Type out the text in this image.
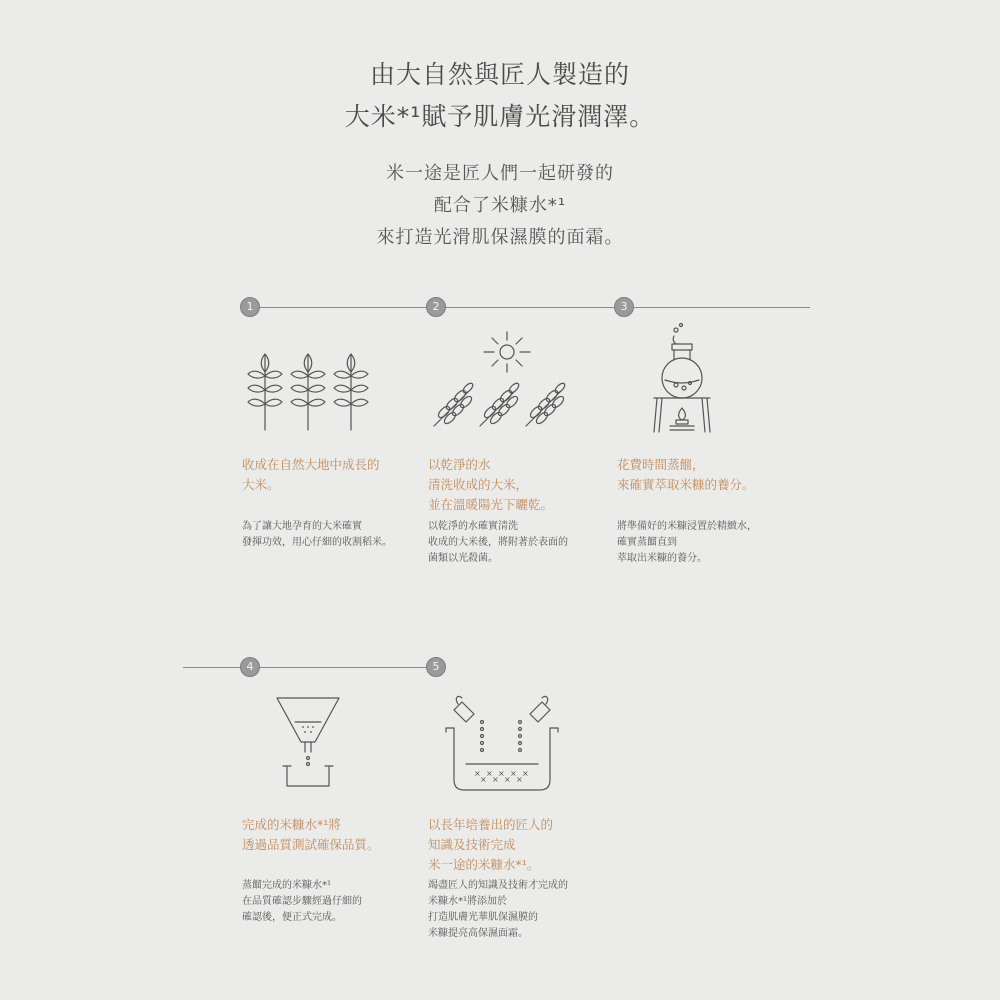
由大自然與匠人製造的
大米*¹賦予肌膚光滑潤澤。
米一途是匠人們一起研發的
配合了米糠水*¹
來打造光滑肌保濕膜的面霜。
1	2	3
4	5
× × × × ×
× × × ×
收成在自然大地中成長的
大米。
以乾淨的水
清洗收成的大米，
並在溫暖陽光下曬乾。
花費時間蒸餾，
來確實萃取米糠的養分。
完成的米糠水*¹將
透過品質測試確保品質。
以長年培養出的匠人的
知識及技術完成
米一途的米糠水*¹。
為了讓大地孕育的大米確實
發揮功效，用心仔細的收割稻米。
以乾淨的水確實清洗
收成的大米後，將附著於表面的
菌類以光殺菌。
將準備好的米糠浸置於精緻水，
確實蒸餾直到
萃取出米糠的養分。
蒸餾完成的米糠水*¹
在品質確認步驟經過仔細的
確認後，便正式完成。
竭盡匠人的知識及技術才完成的
米糠水*¹將添加於
打造肌膚光華肌保濕膜的
米糠提亮高保濕面霜。
